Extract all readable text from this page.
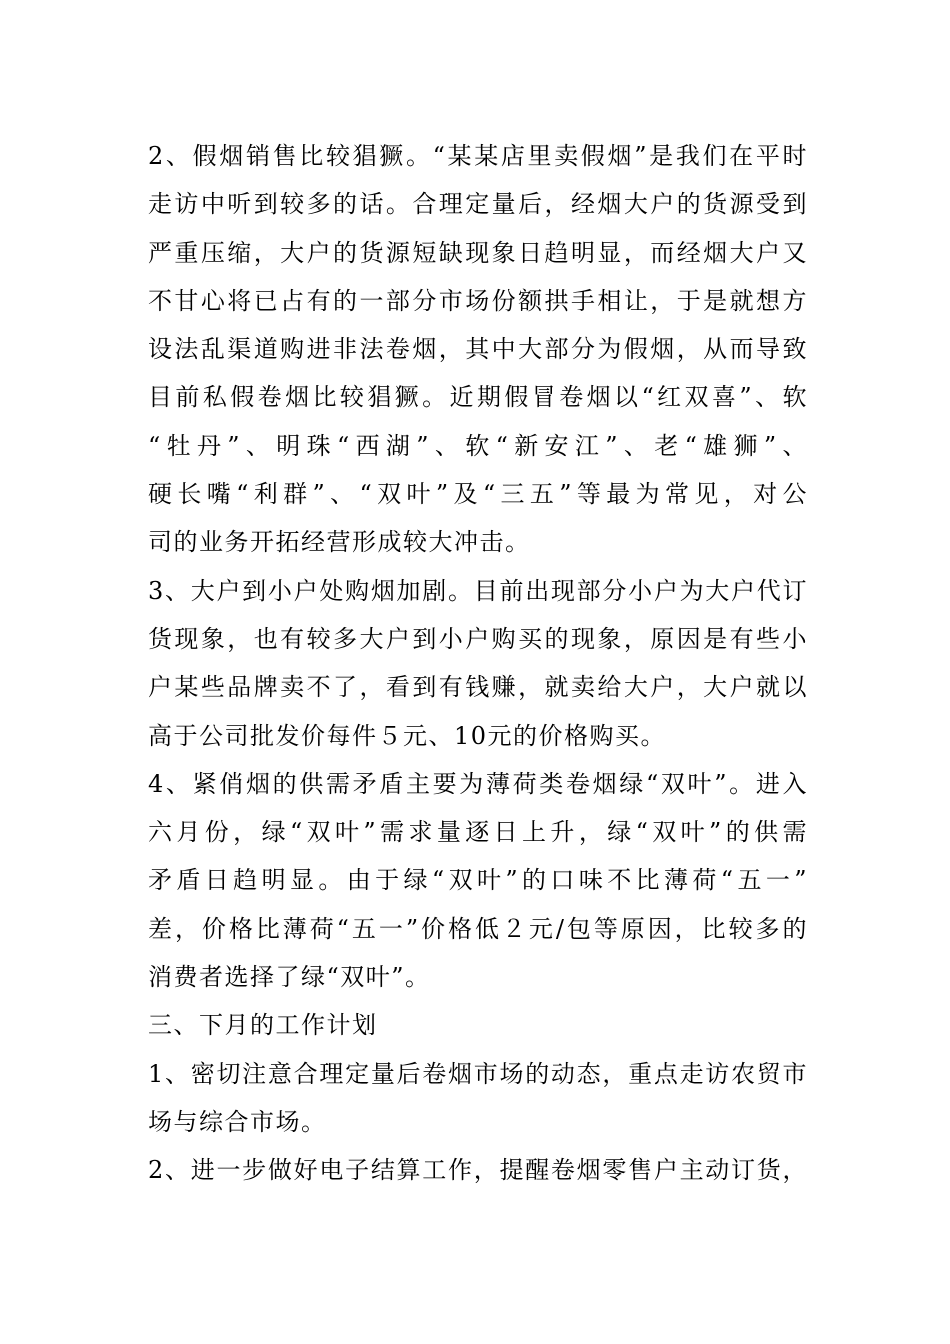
2、假烟销售比较猖獗。“某某店里卖假烟”是我们在平时
走访中听到较多的话。合理定量后，经烟大户的货源受到
严重压缩，大户的货源短缺现象日趋明显，而经烟大户又
不甘心将已占有的一部分市场份额拱手相让，于是就想方
设法乱渠道购进非法卷烟，其中大部分为假烟，从而导致
目前私假卷烟比较猖獗。近期假冒卷烟以“红双喜”、软
“牡丹”、明珠“西湖”、软“新安江”、老“雄狮”、
硬长嘴“利群”、“双叶”及“三五”等最为常见，对公
司的业务开拓经营形成较大冲击。
3、大户到小户处购烟加剧。目前出现部分小户为大户代订
货现象，也有较多大户到小户购买的现象，原因是有些小
户某些品牌卖不了，看到有钱赚，就卖给大户，大户就以
高于公司批发价每件５元、10元的价格购买。
4、紧俏烟的供需矛盾主要为薄荷类卷烟绿“双叶”。进入
六月份，绿“双叶”需求量逐日上升，绿“双叶”的供需
矛盾日趋明显。由于绿“双叶”的口味不比薄荷“五一”
差，价格比薄荷“五一”价格低２元/包等原因，比较多的
消费者选择了绿“双叶”。
三、下月的工作计划
1、密切注意合理定量后卷烟市场的动态，重点走访农贸市
场与综合市场。
2、进一步做好电子结算工作，提醒卷烟零售户主动订货，
